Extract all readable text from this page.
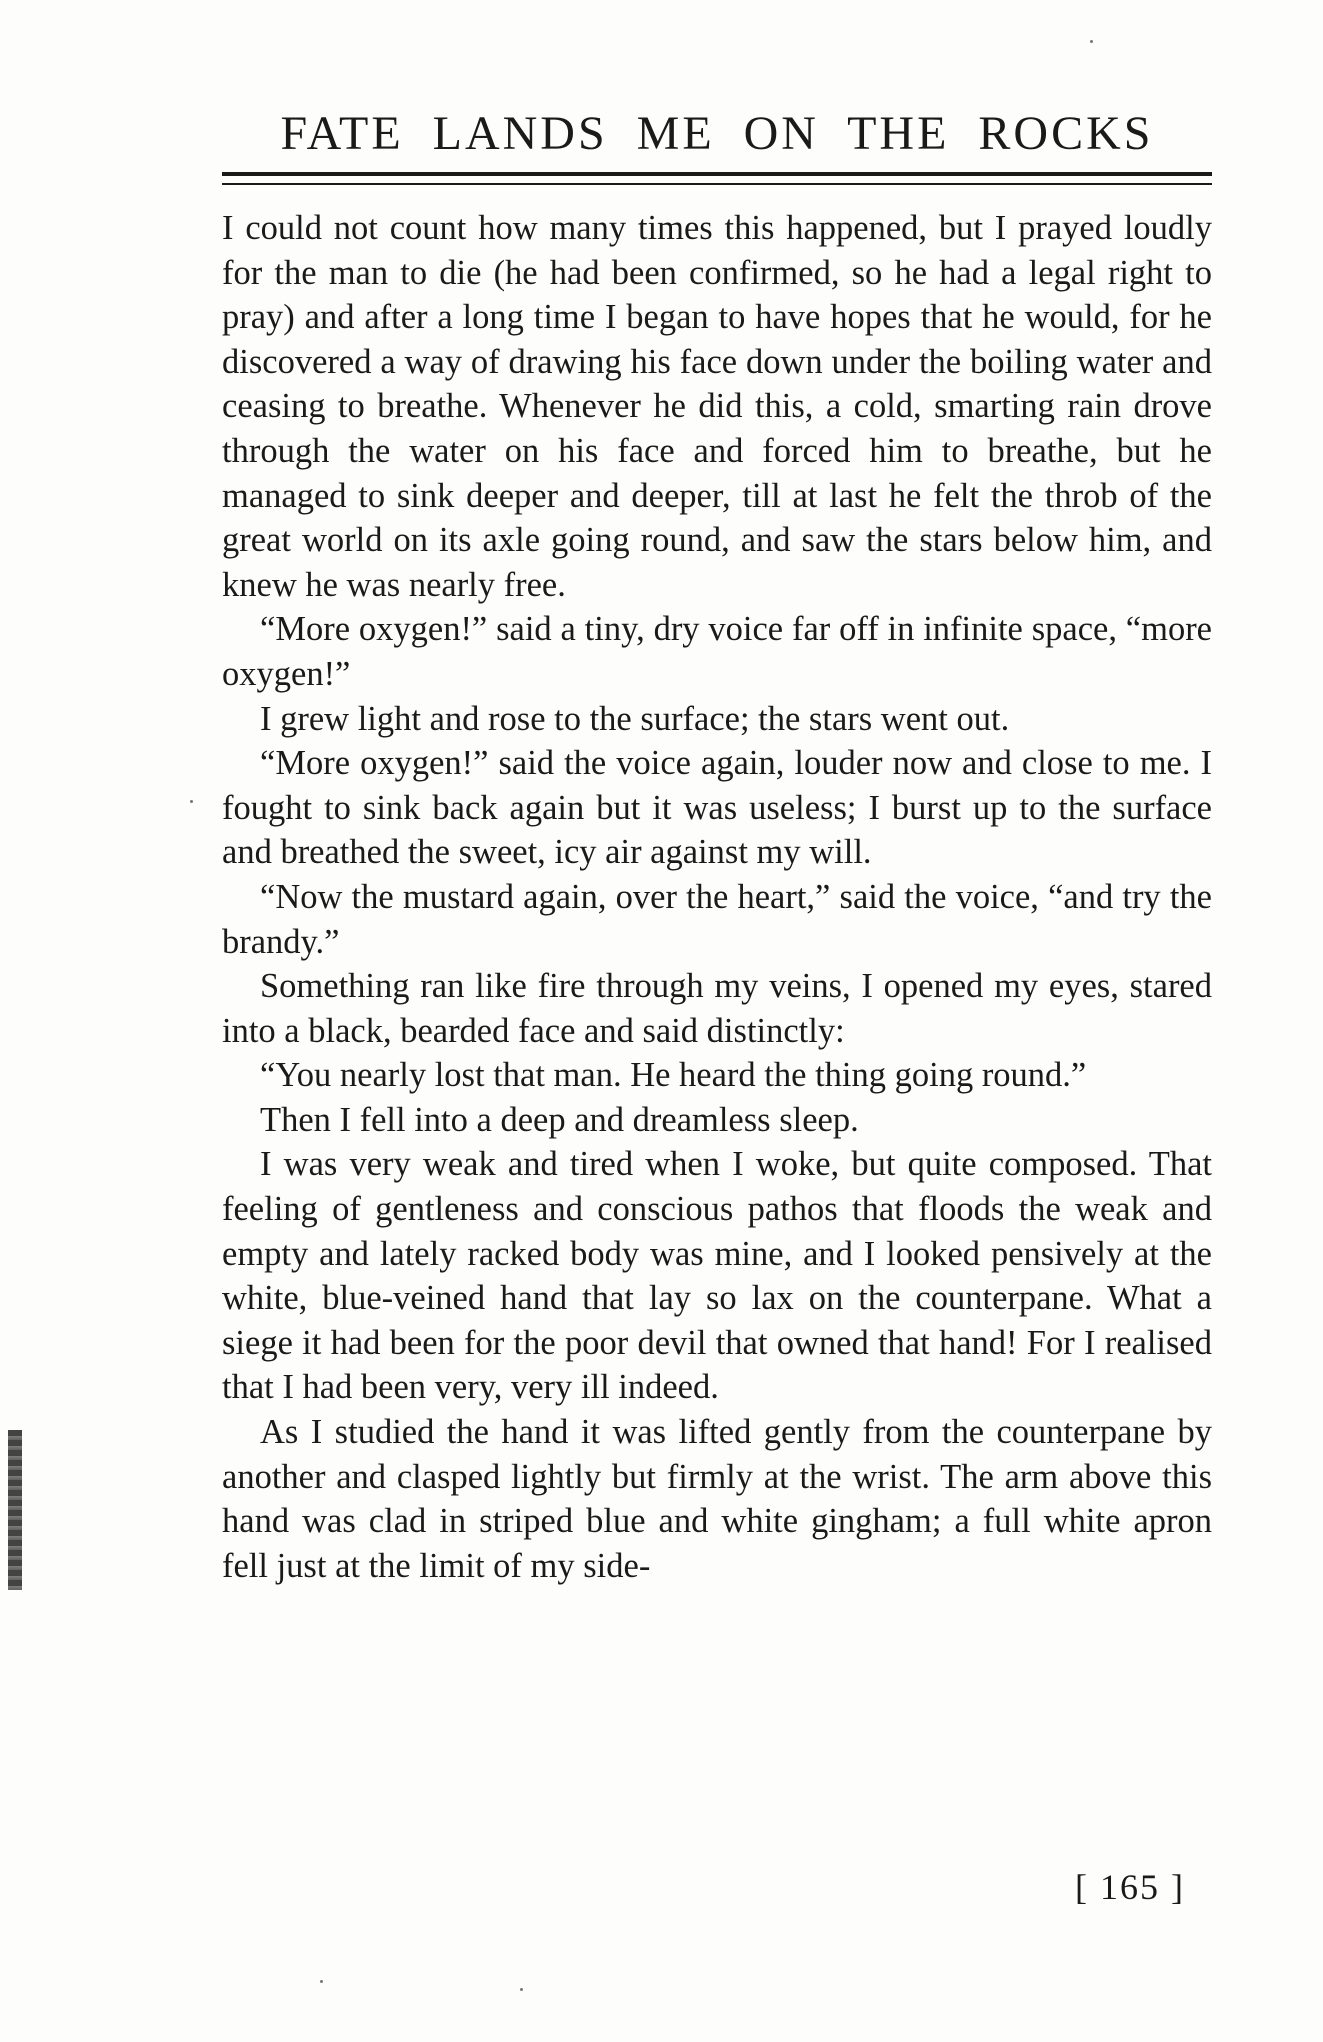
FATE LANDS ME ON THE ROCKS

I could not count how many times this happened, but I prayed loudly for the man to die (he had been confirmed, so he had a legal right to pray) and after a long time I began to have hopes that he would, for he discovered a way of drawing his face down under the boiling water and ceasing to breathe. Whenever he did this, a cold, smarting rain drove through the water on his face and forced him to breathe, but he managed to sink deeper and deeper, till at last he felt the throb of the great world on its axle going round, and saw the stars below him, and knew he was nearly free.

“More oxygen!” said a tiny, dry voice far off in infinite space, “more oxygen!”

I grew light and rose to the surface; the stars went out.

“More oxygen!” said the voice again, louder now and close to me. I fought to sink back again but it was useless; I burst up to the surface and breathed the sweet, icy air against my will.

“Now the mustard again, over the heart,” said the voice, “and try the brandy.”

Something ran like fire through my veins, I opened my eyes, stared into a black, bearded face and said distinctly:

“You nearly lost that man. He heard the thing going round.”

Then I fell into a deep and dreamless sleep.

I was very weak and tired when I woke, but quite composed. That feeling of gentleness and conscious pathos that floods the weak and empty and lately racked body was mine, and I looked pensively at the white, blue-veined hand that lay so lax on the counterpane. What a siege it had been for the poor devil that owned that hand! For I realised that I had been very, very ill indeed.

As I studied the hand it was lifted gently from the counterpane by another and clasped lightly but firmly at the wrist. The arm above this hand was clad in striped blue and white gingham; a full white apron fell just at the limit of my side-

[ 165 ]
